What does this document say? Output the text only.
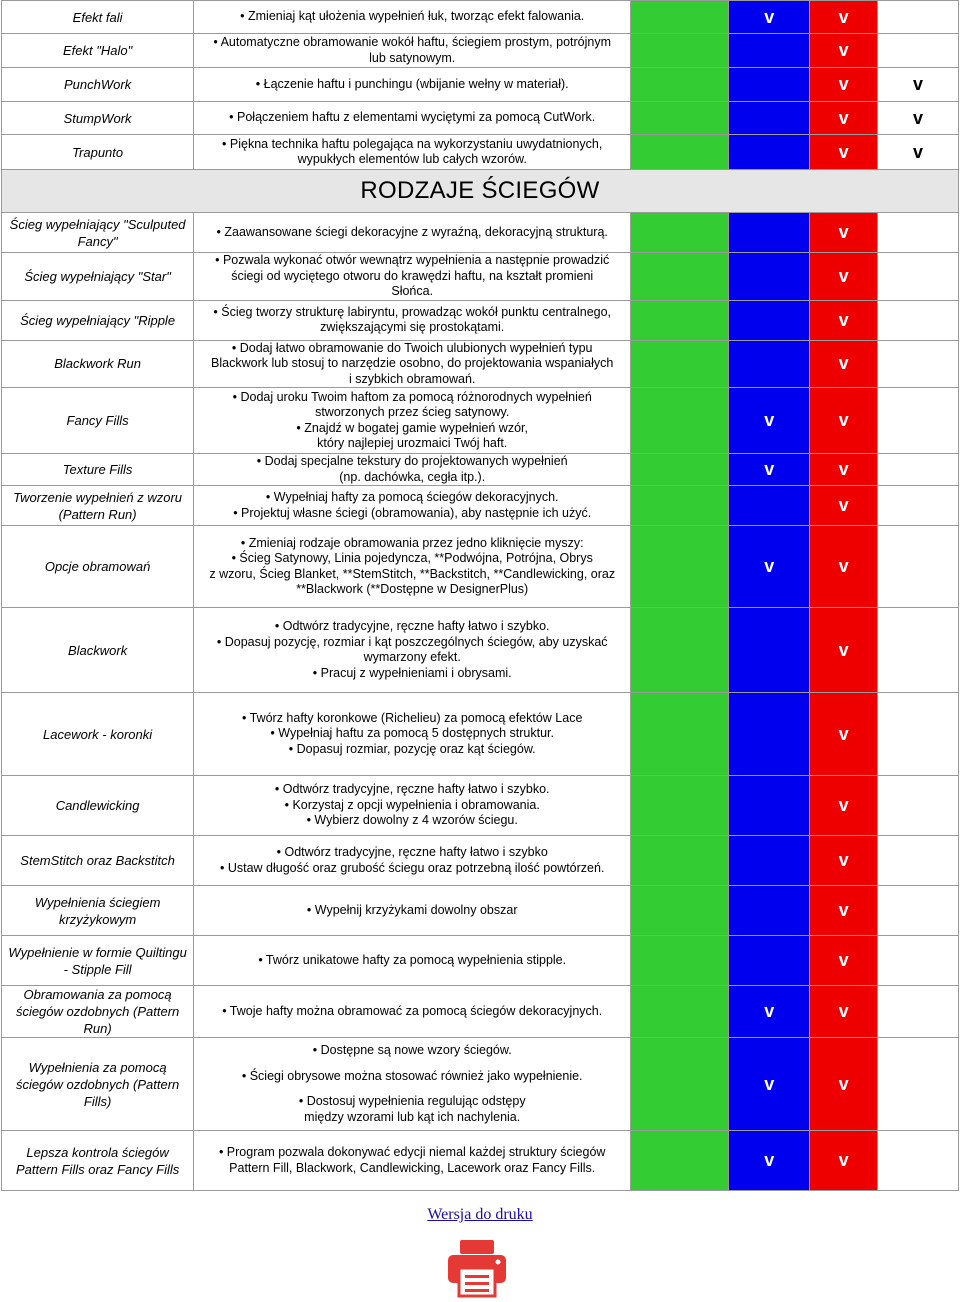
Efekt fali	• Zmieniaj kąt ułożenia wypełnień łuk, tworząc efekt falowania.		v	v	
Efekt "Halo"	• Automatyczne obramowanie wokół haftu, ściegiem prostym, potrójnym
lub satynowym.			v	
PunchWork	• Łączenie haftu i punchingu (wbijanie wełny w materiał).			v	v
StumpWork	• Połączeniem haftu z elementami wyciętymi za pomocą CutWork.			v	v
Trapunto	• Piękna technika haftu polegająca na wykorzystaniu uwydatnionych,
wypukłych elementów lub całych wzorów.			v	v
RODZAJE ŚCIEGÓW					
Ścieg wypełniający "Sculputed Fancy"	• Zaawansowane ściegi dekoracyjne z wyraźną, dekoracyjną strukturą.			v	
Ścieg wypełniający "Star"	• Pozwala wykonać otwór wewnątrz wypełnienia a następnie prowadzić
ściegi od wyciętego otworu do krawędzi haftu, na kształt promieni
Słońca.			v	
Ścieg wypełniający "Ripple	• Ścieg tworzy strukturę labiryntu, prowadząc wokół punktu centralnego,
zwiększającymi się prostokątami.			v	
Blackwork Run	• Dodaj łatwo obramowanie do Twoich ulubionych wypełnień typu
Blackwork lub stosuj to narzędzie osobno, do projektowania wspaniałych
i szybkich obramowań.			v	
Fancy Fills	• Dodaj uroku Twoim haftom za pomocą różnorodnych wypełnień
stworzonych przez ścieg satynowy.
• Znajdź w bogatej gamie wypełnień wzór,
który najlepiej urozmaici Twój haft.		v	v	
Texture Fills	• Dodaj specjalne tekstury do projektowanych wypełnień
(np. dachówka, cegła itp.).		v	v	
Tworzenie wypełnień z wzoru (Pattern Run)	• Wypełniaj hafty za pomocą ściegów dekoracyjnych.
• Projektuj własne ściegi (obramowania), aby następnie ich użyć.			v	
Opcje obramowań	• Zmieniaj rodzaje obramowania przez jedno kliknięcie myszy:
• Ścieg Satynowy, Linia pojedyncza, **Podwójna, Potrójna, Obrys
z wzoru, Ścieg Blanket, **StemStitch, **Backstitch, **Candlewicking, oraz
**Blackwork (**Dostępne w DesignerPlus)		v	v	
Blackwork	• Odtwórz tradycyjne, ręczne hafty łatwo i szybko.
• Dopasuj pozycję, rozmiar i kąt poszczególnych ściegów, aby uzyskać
wymarzony efekt.
• Pracuj z wypełnieniami i obrysami.			v	
Lacework - koronki	• Twórz hafty koronkowe (Richelieu) za pomocą efektów Lace
• Wypełniaj haftu za pomocą 5 dostępnych struktur.
• Dopasuj rozmiar, pozycję oraz kąt ściegów.			v	
Candlewicking	• Odtwórz tradycyjne, ręczne hafty łatwo i szybko.
• Korzystaj z opcji wypełnienia i obramowania.
• Wybierz dowolny z 4 wzorów ściegu.			v	
StemStitch oraz Backstitch	• Odtwórz tradycyjne, ręczne hafty łatwo i szybko
• Ustaw długość oraz grubość ściegu oraz potrzebną ilość powtórzeń.			v	
Wypełnienia ściegiem krzyżykowym	• Wypełnij krzyżykami dowolny obszar			v	
Wypełnienie w formie Quiltingu - Stipple Fill	• Twórz unikatowe hafty za pomocą wypełnienia stipple.			v	
Obramowania za pomocą ściegów ozdobnych (Pattern Run)	• Twoje hafty można obramować za pomocą ściegów dekoracyjnych.		v	v	
Wypełnienia za pomocą ściegów ozdobnych (Pattern Fills)	• Dostępne są nowe wzory ściegów.
• Ściegi obrysowe można stosować również jako wypełnienie.
• Dostosuj wypełnienia regulując odstępy
między wzorami lub kąt ich nachylenia.		v	v	
Lepsza kontrola ściegów Pattern Fills oraz Fancy Fills	• Program pozwala dokonywać edycji niemal każdej struktury ściegów
Pattern Fill, Blackwork, Candlewicking, Lacework oraz Fancy Fills.		v	v	
Wersja do druku
